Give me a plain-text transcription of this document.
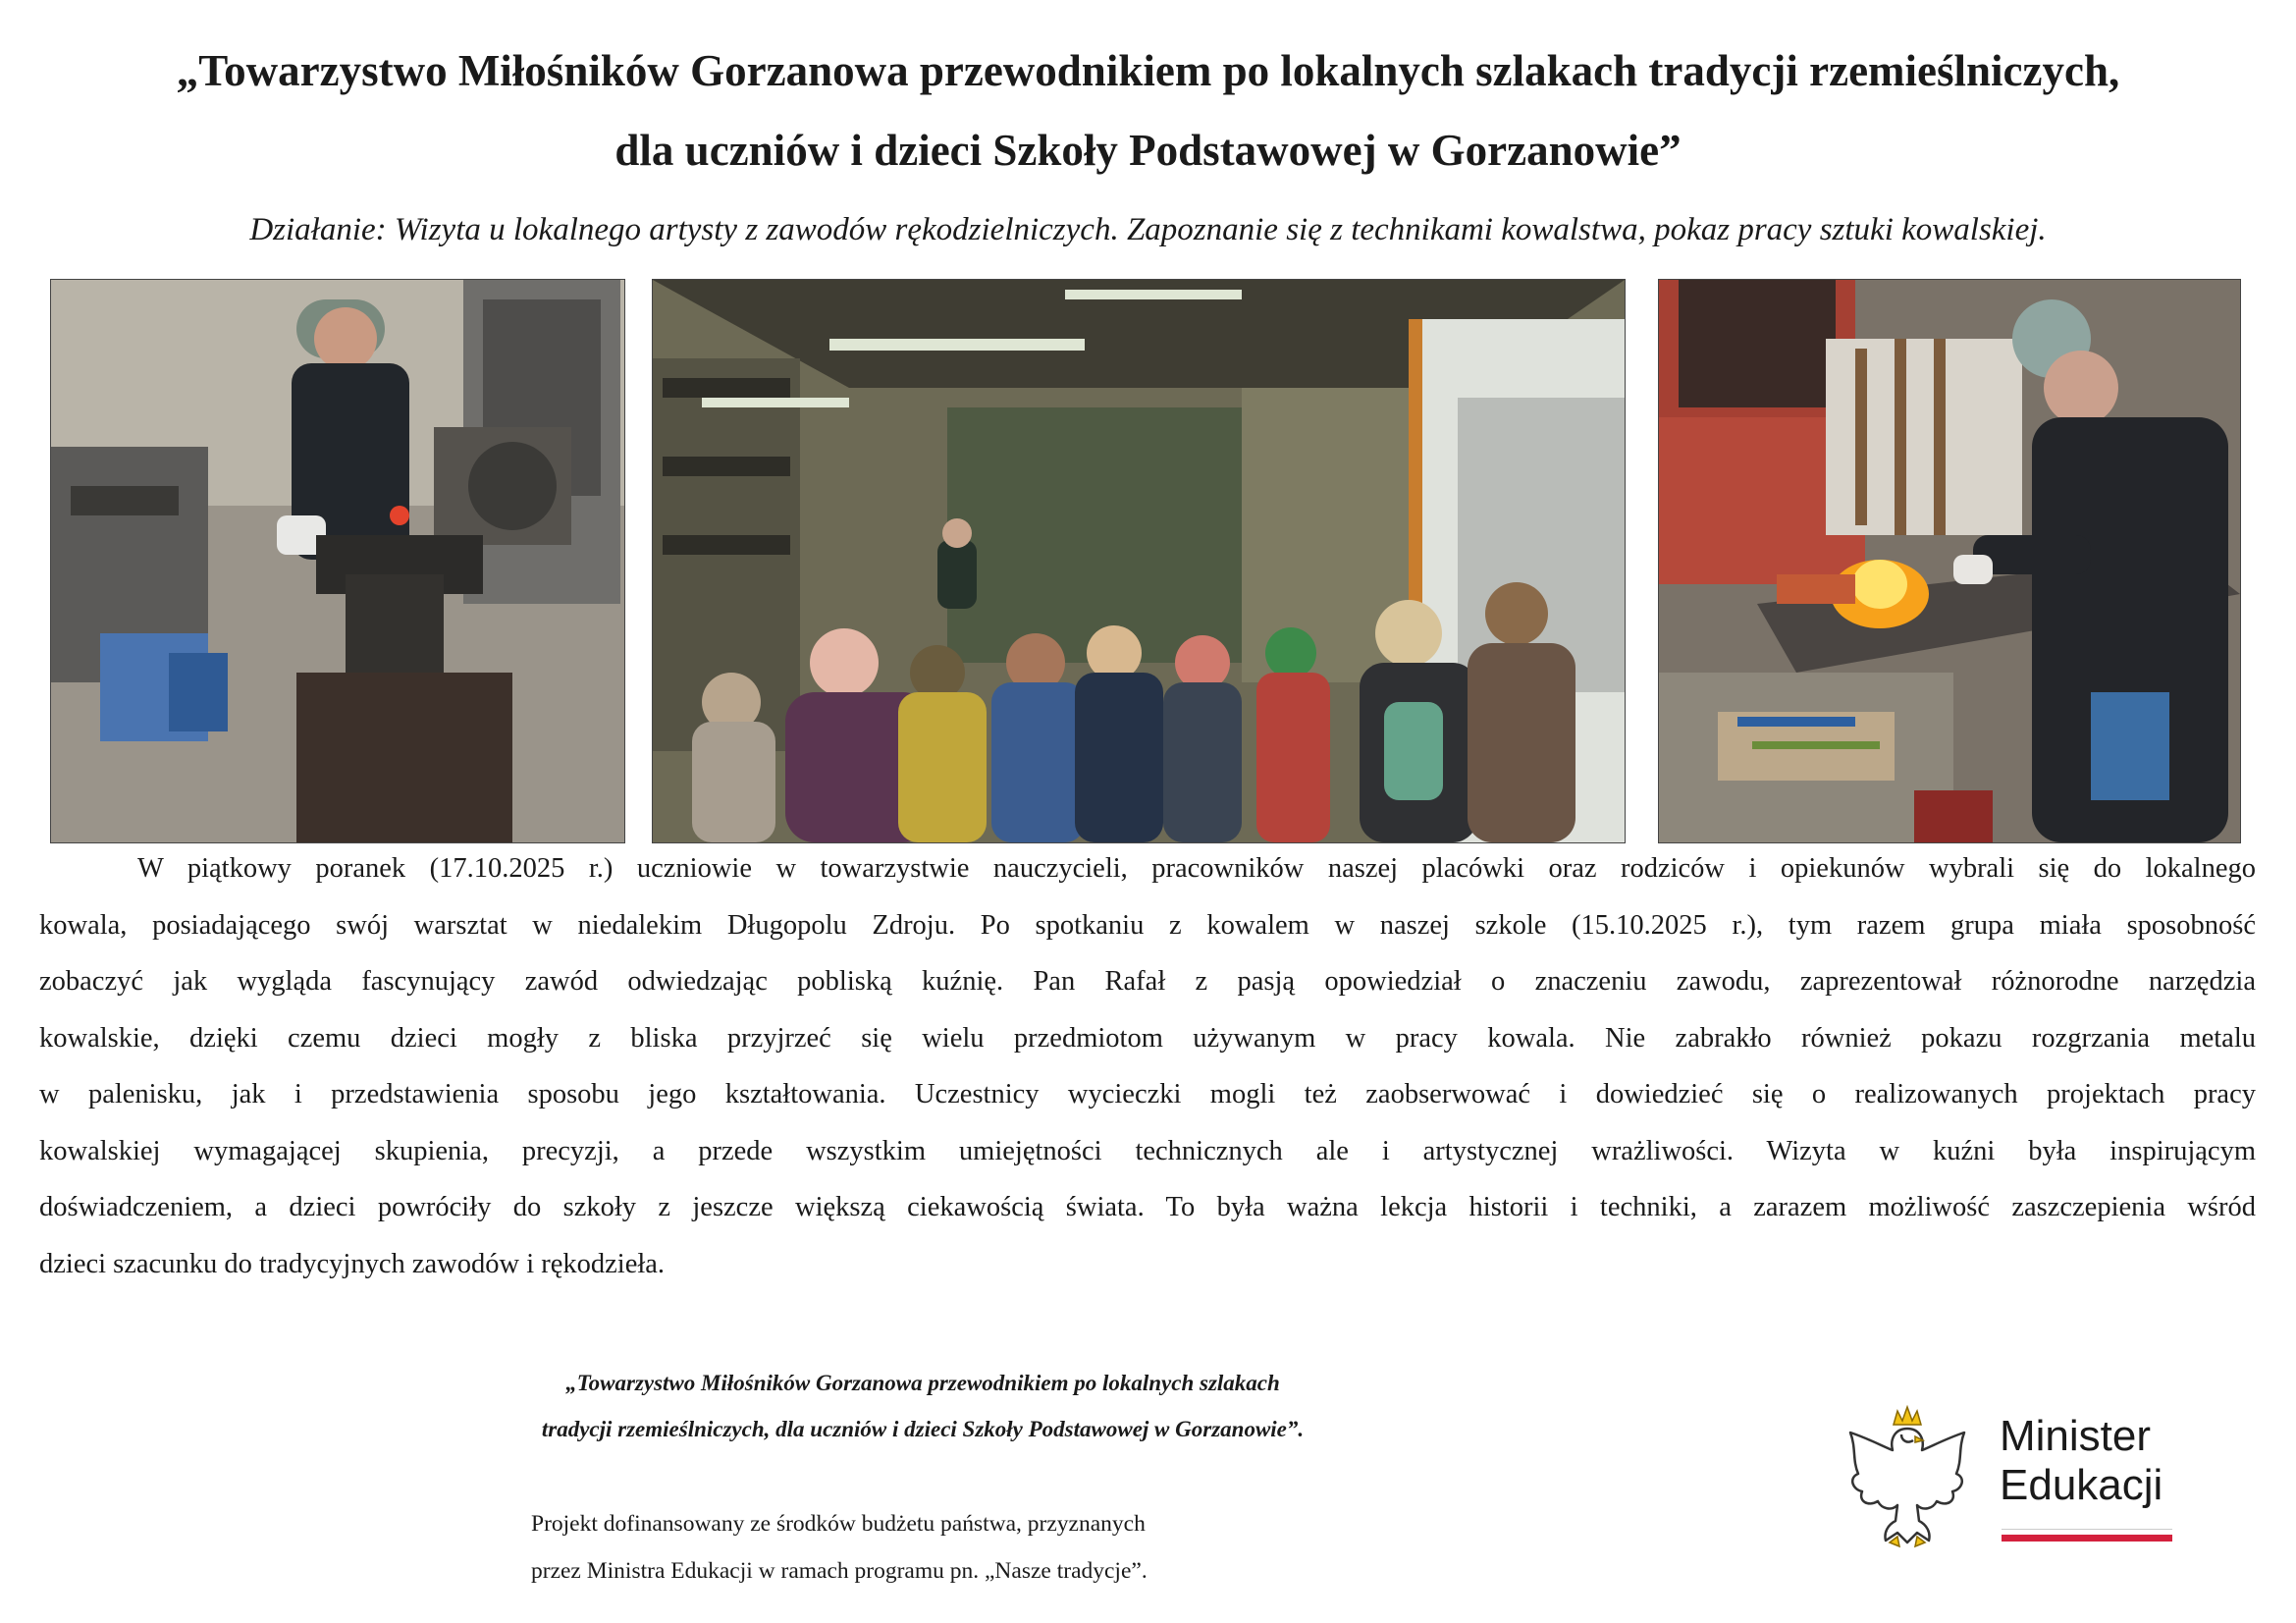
„Towarzystwo Miłośników Gorzanowa przewodnikiem po lokalnych szlakach tradycji rzemieślniczych,
dla uczniów i dzieci Szkoły Podstawowej w Gorzanowie”

Działanie: Wizyta u lokalnego artysty z zawodów rękodzielniczych. Zapoznanie się z technikami kowalstwa, pokaz pracy sztuki kowalskiej.

W piątkowy poranek (17.10.2025 r.) uczniowie w towarzystwie nauczycieli, pracowników naszej placówki oraz rodziców i opiekunów wybrali się do lokalnego
kowala, posiadającego swój warsztat w niedalekim Długopolu Zdroju. Po spotkaniu z kowalem w naszej szkole (15.10.2025 r.), tym razem grupa miała sposobność
zobaczyć jak wygląda fascynujący zawód odwiedzając pobliską kuźnię. Pan Rafał z pasją opowiedział o znaczeniu zawodu, zaprezentował różnorodne narzędzia
kowalskie, dzięki czemu dzieci mogły z bliska przyjrzeć się wielu przedmiotom używanym w pracy kowala. Nie zabrakło również pokazu rozgrzania metalu
w palenisku, jak i przedstawienia sposobu jego kształtowania. Uczestnicy wycieczki mogli też zaobserwować i dowiedzieć się o realizowanych projektach pracy
kowalskiej wymagającej skupienia, precyzji, a przede wszystkim umiejętności technicznych ale i artystycznej wrażliwości. Wizyta w kuźni była inspirującym
doświadczeniem, a dzieci powróciły do szkoły z jeszcze większą ciekawością świata. To była ważna lekcja historii i techniki, a zarazem możliwość zaszczepienia wśród
dzieci szacunku do tradycyjnych zawodów i rękodzieła.

„Towarzystwo Miłośników Gorzanowa przewodnikiem po lokalnych szlakach

tradycji rzemieślniczych, dla uczniów i dzieci Szkoły Podstawowej w Gorzanowie”.

Projekt dofinansowany ze środków budżetu państwa, przyznanych

przez Ministra Edukacji w ramach programu pn. „Nasze tradycje”.

Minister
Edukacji
